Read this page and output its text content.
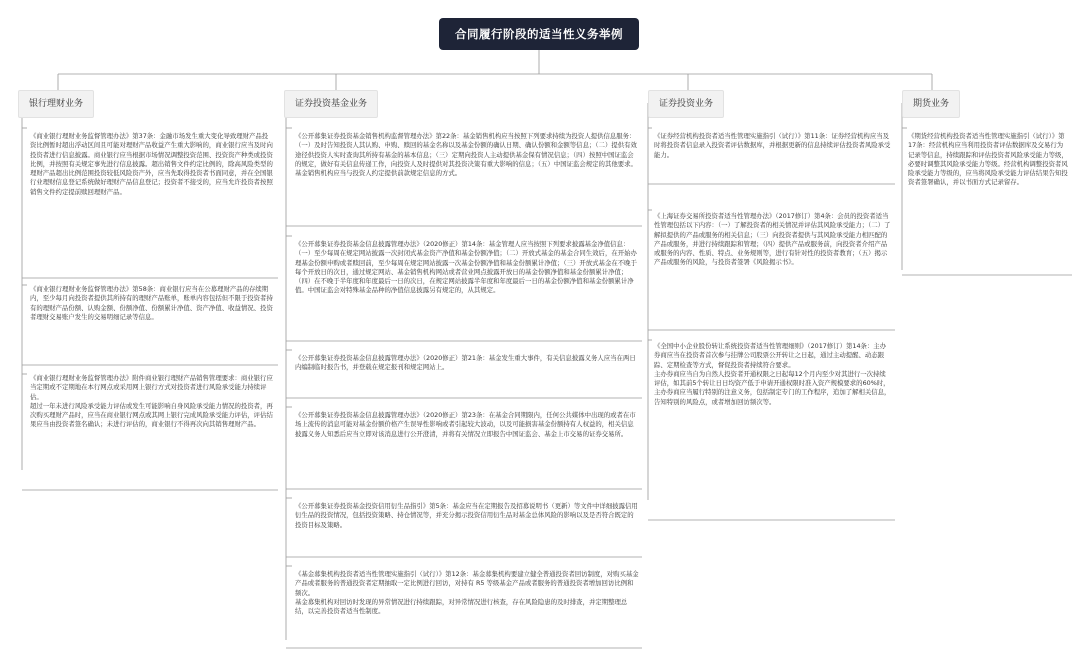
合同履行阶段的适当性义务举例
银行理财业务	证券投资基金业务	证券投资业务	期货业务
《商业银行理财业务监督管理办法》第37条：金融市场发生重大变化导致理财产品投资比例暂时超出浮动区间且可能对理财产品收益产生重大影响的，商业银行应当及时向投资者进行信息披露。商业银行应当根据市场情况调整投资范围、投资资产种类或投资比例，并按照有关规定事先进行信息披露。超出销售文件约定比例的，除高风险类型的理财产品超出比例范围投资较低风险资产外，应当先取得投资者书面同意，并在全国银行业理财信息登记系统做好理财产品信息登记；投资者不接受的，应当允许投资者按照销售文件约定提前赎回理财产品。
《商业银行理财业务监督管理办法》第58条：商业银行应当在公募理财产品的存续期内，至少每月向投资者提供其所持有的理财产品账单，账单内容包括但不限于投资者持有的理财产品份额、认购金额、份额净值、份额累计净值、资产净值、收益情况、投资者理财交易账户发生的交易明细记录等信息。
《商业银行理财业务监督管理办法》附件商业银行理财产品销售管理要求：商业银行应当定期或不定期地在本行网点或采用网上银行方式对投资者进行风险承受能力持续评估。
超过一年未进行风险承受能力评估或发生可能影响自身风险承受能力情况的投资者，再次购买理财产品时，应当在商业银行网点或其网上银行完成风险承受能力评估，评估结果应当由投资者签名确认；未进行评估的，商业银行不得再次向其销售理财产品。
《公开募集证券投资基金销售机构监督管理办法》第22条：基金销售机构应当按照下列要求持续为投资人提供信息服务：（一）及时告知投资人其认购、申购、赎回的基金名称以及基金份额的确认日期、确认份额和金额等信息；（二）提供有效途径供投资人实时查询其所持有基金的基本信息；（三）定期向投资人主动提供基金保有情况信息；（四）按照中国证监会的规定，做好有关信息传递工作，向投资人及时提供对其投资决策有重大影响的信息；（五）中国证监会规定的其他要求。基金销售机构应当与投资人约定提供前款规定信息的方式。
《公开募集证券投资基金信息披露管理办法》（2020修正）第14条：基金管理人应当按照下列要求披露基金净值信息：（一）至少每周在规定网站披露一次封闭式基金资产净值和基金份额净值；（二）开放式基金的基金合同生效后，在开始办理基金份额申购或者赎回前，至少每周在规定网站披露一次基金份额净值和基金份额累计净值；（三）开放式基金在不晚于每个开放日的次日，通过规定网站、基金销售机构网站或者营业网点披露开放日的基金份额净值和基金份额累计净值；（四）在不晚于半年度和年度最后一日的次日，在规定网站披露半年度和年度最后一日的基金份额净值和基金份额累计净值。中国证监会对特殊基金品种的净值信息披露另有规定的，从其规定。
《公开募集证券投资基金信息披露管理办法》（2020修正）第21条：基金发生重大事件，有关信息披露义务人应当在两日内编制临时报告书，并登载在规定报刊和规定网站上。
《公开募集证券投资基金信息披露管理办法》（2020修正）第23条：在基金合同期限内，任何公共媒体中出现的或者在市场上流传的消息可能对基金份额价格产生误导性影响或者引起较大波动，以及可能损害基金份额持有人权益的，相关信息披露义务人知悉后应当立即对该消息进行公开澄清，并将有关情况立即报告中国证监会、基金上市交易的证券交易所。
《公开募集证券投资基金投资信用衍生品指引》第5条：基金应当在定期报告及招募说明书（更新）等文件中详细披露信用衍生品的投资情况，包括投资策略、持仓情况等，并充分揭示投资信用衍生品对基金总体风险的影响以及是否符合既定的投资目标及策略。
《基金募集机构投资者适当性管理实施指引（试行）》第12条：基金募集机构要建立健全普通投资者回访制度，对购买基金产品或者服务的普通投资者定期抽取一定比例进行回访，对持有 R5 等级基金产品或者服务的普通投资者增加回访比例和频次。
基金募集机构对回访时发现的异常情况进行持续跟踪，对异常情况进行核查，存在风险隐患的及时排查，并定期整理总结，以完善投资者适当性制度。
《证券经营机构投资者适当性管理实施指引（试行）》第11条：证券经营机构应当及时将投资者信息录入投资者评估数据库，并根据更新的信息持续评估投资者风险承受能力。
《上海证券交易所投资者适当性管理办法》（2017修订）第4条：会员的投资者适当性管理包括以下内容：（一）了解投资者的相关情况并评估其风险承受能力；（二）了解拟提供的产品或服务的相关信息；（三）向投资者提供与其风险承受能力相匹配的产品或服务，并进行持续跟踪和管理；（四）提供产品或服务前，向投资者介绍产品或服务的内容、性质、特点、业务规则等，进行有针对性的投资者教育；（五）揭示产品或服务的风险，与投资者签署《风险揭示书》。
《全国中小企业股份转让系统投资者适当性管理细则》（2017修订）第14条：主办券商应当在投资者首次参与挂牌公司股票公开转让之日起，通过主动提醒、动态跟踪、定期检查等方式，督促投资者持续符合要求。
主办券商应当自为自然人投资者开通权限之日起每12个月内至少对其进行一次持续评估，如其前5个转让日日均资产低于申请开通权限时准入资产规模要求的60%时，主办券商应当履行特别的注意义务，包括制定专门的工作程序，追加了解相关信息，告知特别的风险点，或者增加回访频次等。
《期货经营机构投资者适当性管理实施指引（试行）》第17条：经营机构应当利用投资者评估数据库及交易行为记录等信息，持续跟踪和评估投资者风险承受能力等级，必要时调整其风险承受能力等级。经营机构调整投资者风险承受能力等级的，应当将风险承受能力评估结果告知投资者签署确认，并以书面方式记录留存。
